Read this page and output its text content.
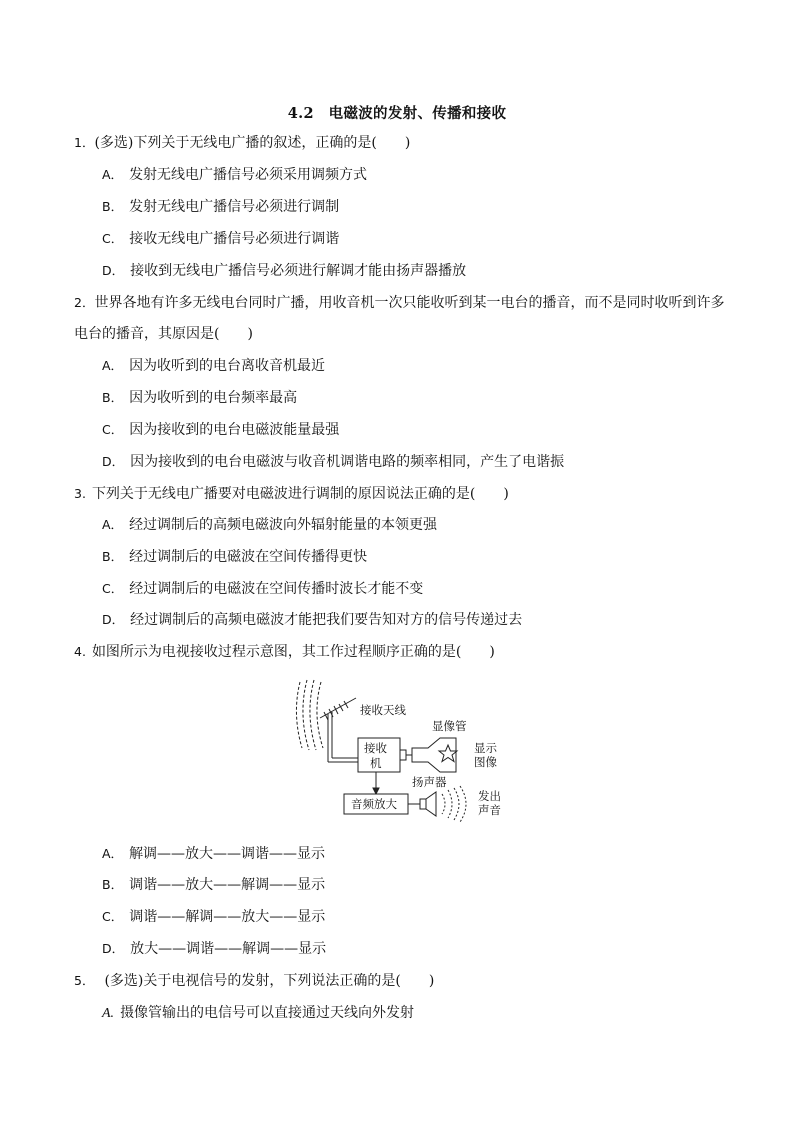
4.2　电磁波的发射、传播和接收
1．(多选)下列关于无线电广播的叙述，正确的是(　　)
A． 发射无线电广播信号必须采用调频方式
B． 发射无线电广播信号必须进行调制
C． 接收无线电广播信号必须进行调谐
D． 接收到无线电广播信号必须进行解调才能由扬声器播放
2．世界各地有许多无线电台同时广播，用收音机一次只能收听到某一电台的播音，而不是同时收听到许多
电台的播音，其原因是(　　)
A． 因为收听到的电台离收音机最近
B． 因为收听到的电台频率最高
C． 因为接收到的电台电磁波能量最强
D． 因为接收到的电台电磁波与收音机调谐电路的频率相同，产生了电谐振
3. 下列关于无线电广播要对电磁波进行调制的原因说法正确的是(　　)
A． 经过调制后的高频电磁波向外辐射能量的本领更强
B． 经过调制后的电磁波在空间传播得更快
C． 经过调制后的电磁波在空间传播时波长才能不变
D． 经过调制后的高频电磁波才能把我们要告知对方的信号传递过去
4. 如图所示为电视接收过程示意图，其工作过程顺序正确的是(　　)
接收天线
接收
机
显像管
显示
图像
音频放大
扬声器
发出
声音
A． 解调——放大——调谐——显示
B． 调谐——放大——解调——显示
C． 调谐——解调——放大——显示
D． 放大——调谐——解调——显示
5． (多选)关于电视信号的发射，下列说法正确的是(　　)
A. 摄像管输出的电信号可以直接通过天线向外发射
